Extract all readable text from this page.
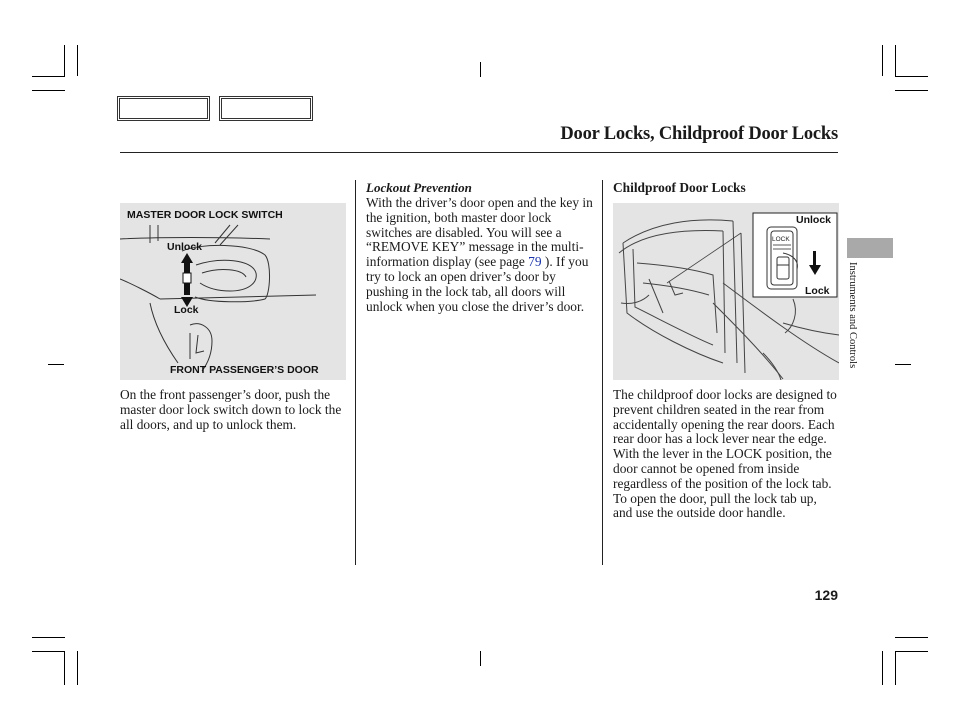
Door Locks, Childproof Door Locks
MASTER DOOR LOCK SWITCH
Unlock
Lock
FRONT PASSENGER’S DOOR
On the front passenger’s door, push the master door lock switch down to lock the all doors, and up to unlock them.
Lockout Prevention
With the driver’s door open and the key in the ignition, both master door lock switches are disabled. You will see a “REMOVE KEY” message in the multi-information display (see page 79 ). If you try to lock an open driver’s door by pushing in the lock tab, all doors will unlock when you close the driver’s door.
Childproof Door Locks
LOCK
Unlock
Lock
The childproof door locks are designed to prevent children seated in the rear from accidentally opening the rear doors. Each rear door has a lock lever near the edge. With the lever in the LOCK position, the door cannot be opened from inside regardless of the position of the lock tab. To open the door, pull the lock tab up, and use the outside door handle.
Instruments and Controls
129
